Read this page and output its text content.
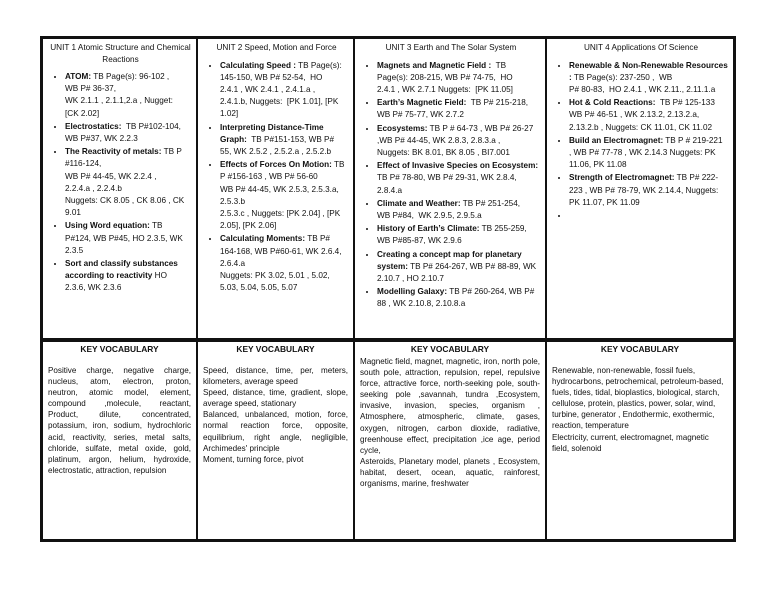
UNIT 1 Atomic Structure and Chemical Reactions
• ATOM: TB Page(s): 96-102 ,
WB P# 36-37,
WK 2.1.1 , 2.1.1,2.a , Nugget:
[CK 2.02]
• Electrostatics:  TB P#102-104,
WB P#37, WK 2.2.3
• The Reactivity of metals: TB P
#116-124,
WB P# 44-45, WK 2.2.4 ,
2.2.4.a , 2.2.4.b
Nuggets: CK 8.05 , CK 8.06 , CK
9.01
• Using Word equation: TB
P#124, WB P#45, HO 2.3.5, WK
2.3.5
• Sort and classify substances according to reactivity HO
2.3.6, WK 2.3.6
UNIT 2 Speed, Motion and Force
• Calculating Speed : TB Page(s):
145-150, WB P# 52-54,  HO
2.4.1 , WK 2.4.1 , 2.4.1.a ,
2.4.1.b, Nuggets:  [PK 1.01], [PK
1.02]
• Interpreting Distance-Time Graph:  TB P#151-153, WB P#
55, WK 2.5.2 , 2.5.2.a , 2.5.2.b
• Effects of Forces On Motion: TB
P #156-163 , WB P# 56-60
WB P# 44-45, WK 2.5.3, 2.5.3.a,
2.5.3.b
2.5.3.c , Nuggets: [PK 2.04] , [PK
2.05], [PK 2.06]
• Calculating Moments: TB P#
164-168, WB P#60-61, WK 2.6.4,
2.6.4.a
Nuggets: PK 3.02, 5.01 , 5.02,
5.03, 5.04, 5.05, 5.07
UNIT 3 Earth and The Solar System
• Magnets and Magnetic Field :  TB
Page(s): 208-215, WB P# 74-75,  HO
2.4.1 , WK 2.7.1 Nuggets:  [PK 11.05]
• Earth’s Magnetic Field:  TB P# 215-218,
WB P# 75-77, WK 2.7.2
• Ecosystems: TB P # 64-73 , WB P# 26-27
,WB P# 44-45, WK 2.8.3, 2.8.3.a ,
Nuggets: BK 8.01, BK 8.05 , BI7.001
• Effect of Invasive Species on Ecosystem:
TB P# 78-80, WB P# 29-31, WK 2.8.4,
2.8.4.a
• Climate and Weather: TB P# 251-254,
WB P#84,  WK 2.9.5, 2.9.5.a
• History of Earth’s Climate: TB 255-259,
WB P#85-87, WK 2.9.6
• Creating a concept map for planetary system: TB P# 264-267, WB P# 88-89, WK
2.10.7 , HO 2.10.7
• Modelling Galaxy: TB P# 260-264, WB P#
88 , WK 2.10.8, 2.10.8.a
UNIT 4 Applications Of Science
• Renewable & Non-Renewable Resources : TB Page(s): 237-250 ,  WB
P# 80-83,  HO 2.4.1 , WK 2.11., 2.11.1.a
• Hot & Cold Reactions:  TB P# 125-133
WB P# 46-51 , WK 2.13.2, 2.13.2.a,
2.13.2.b , Nuggets: CK 11.01, CK 11.02
• Build an Electromagnet: TB P # 219-221
, WB P# 77-78 , WK 2.14.3 Nuggets: PK
11.06, PK 11.08
• Strength of Electromagnet: TB P# 222-
223 , WB P# 78-79, WK 2.14.4, Nuggets:
PK 11.07, PK 11.09
•
KEY VOCABULARY
Positive charge, negative charge, nucleus, atom, electron, proton, neutron, atomic model, element, compound ,molecule, reactant, Product, dilute, concentrated, potassium, iron, sodium, hydrochloric acid, reactivity, series, metal salts, chloride, sulfate, metal oxide, gold, platinum, argon, helium, hydroxide, electrostatic, attraction, repulsion
KEY VOCABULARY
Speed, distance, time, per, meters, kilometers, average speed
Speed, distance, time, gradient, slope, average speed, stationary
Balanced, unbalanced, motion, force, normal reaction force, opposite, equilibrium, right angle, negligible, Archimedes' principle
Moment, turning force, pivot
KEY VOCABULARY
Magnetic field, magnet, magnetic, iron, north pole, south pole, attraction, repulsion, repel, repulsive force, attractive force, north-seeking pole, south-seeking pole ,savannah, tundra ,Ecosystem, invasive, invasion, species, organism , Atmosphere, atmospheric, climate, gases, oxygen, nitrogen, carbon dioxide, radiative, greenhouse effect, precipitation ,ice age, period cycle,
Asteroids, Planetary model, planets , Ecosystem, habitat, desert, ocean, aquatic, rainforest, organisms, marine, freshwater
KEY VOCABULARY
Renewable, non-renewable, fossil fuels, hydrocarbons, petrochemical, petroleum-based, fuels, tides, tidal, bioplastics, biological, starch, cellulose, protein, plastics, power, solar, wind, turbine, generator , Endothermic, exothermic, reaction, temperature
Electricity, current, electromagnet, magnetic field, solenoid
